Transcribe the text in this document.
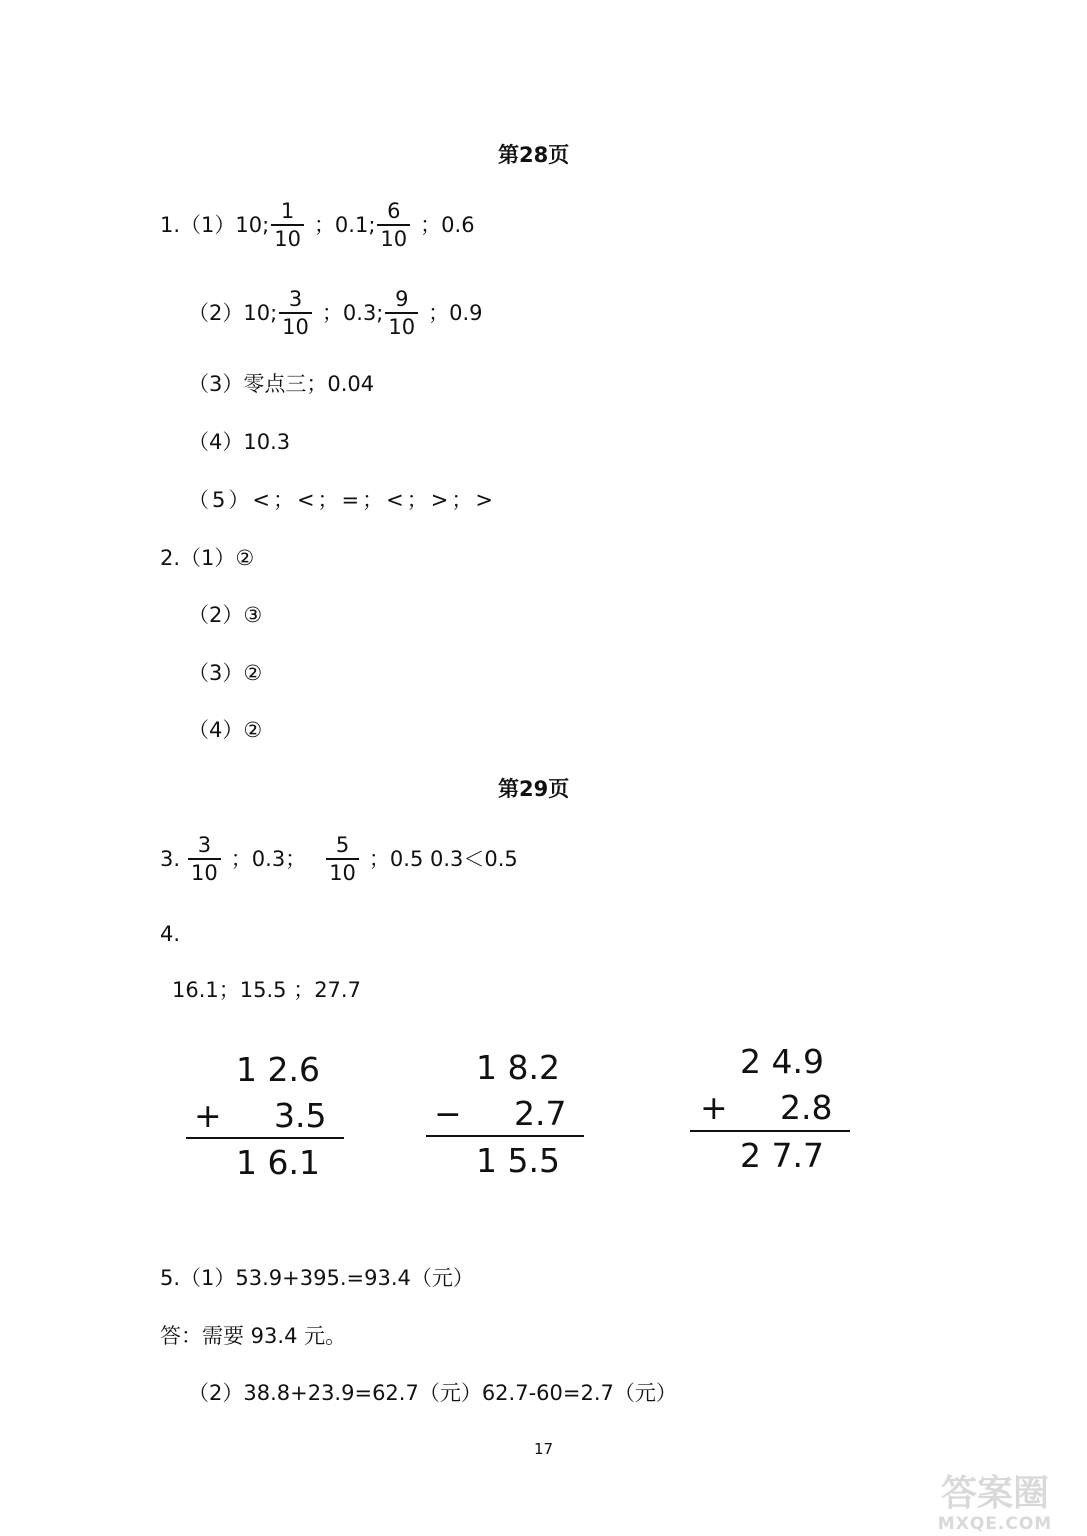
第28页
1.（1）10; $\frac{1}{10}$ ；0.1; $\frac{6}{10}$ ；0.6
（2）10; $\frac{3}{10}$ ；0.3; $\frac{9}{10}$ ；0.9
（3）零点三；0.04
（4）10.3
（5）<；<；=；<；>；>
2.（1）②
（2）③
（3）②
（4）②
第29页
3. $\frac{3}{10}$ ；0.3； $\frac{5}{10}$ ；0.5 0.3＜0.5
4.
16.1；15.5 ；27.7
1 2.6
+ 3.5
1 6.1
1 8.2
− 2.7
1 5.5
2 4.9
+ 2.8
2 7.7
5.（1）53.9+395.=93.4（元）
答：需要 93.4 元。
（2）38.8+23.9=62.7（元）62.7-60=2.7（元）
17
答案圈
MXQE.COM
